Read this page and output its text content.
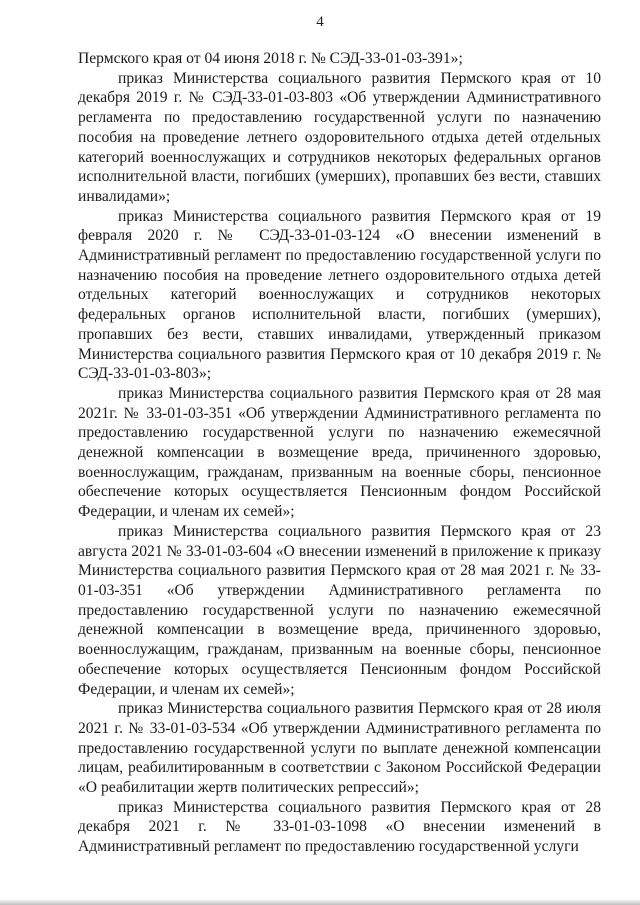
4

Пермского края от 04 июня 2018 г. № СЭД-33-01-03-391»;

приказ Министерства социального развития Пермского края от 10 декабря 2019 г. № СЭД-33-01-03-803 «Об утверждении Административного регламента по предоставлению государственной услуги по назначению пособия на проведение летнего оздоровительного отдыха детей отдельных категорий военнослужащих и сотрудников некоторых федеральных органов исполнительной власти, погибших (умерших), пропавших без вести, ставших инвалидами»;

приказ Министерства социального развития Пермского края от 19 февраля 2020 г. № СЭД-33-01-03-124 «О внесении изменений в Административный регламент по предоставлению государственной услуги по назначению пособия на проведение летнего оздоровительного отдыха детей отдельных категорий военнослужащих и сотрудников некоторых федеральных органов исполнительной власти, погибших (умерших), пропавших без вести, ставших инвалидами, утвержденный приказом Министерства социального развития Пермского края от 10 декабря 2019 г. № СЭД-33-01-03-803»;

приказ Министерства социального развития Пермского края от 28 мая 2021г. № 33-01-03-351 «Об утверждении Административного регламента по предоставлению государственной услуги по назначению ежемесячной денежной компенсации в возмещение вреда, причиненного здоровью, военнослужащим, гражданам, призванным на военные сборы, пенсионное обеспечение которых осуществляется Пенсионным фондом Российской Федерации, и членам их семей»;

приказ Министерства социального развития Пермского края от 23 августа 2021 № 33-01-03-604 «О внесении изменений в приложение к приказу Министерства социального развития Пермского края от 28 мая 2021 г. № 33-01-03-351 «Об утверждении Административного регламента по предоставлению государственной услуги по назначению ежемесячной денежной компенсации в возмещение вреда, причиненного здоровью, военнослужащим, гражданам, призванным на военные сборы, пенсионное обеспечение которых осуществляется Пенсионным фондом Российской Федерации, и членам их семей»;

приказ Министерства социального развития Пермского края от 28 июля 2021 г. № 33-01-03-534 «Об утверждении Административного регламента по предоставлению государственной услуги по выплате денежной компенсации лицам, реабилитированным в соответствии с Законом Российской Федерации «О реабилитации жертв политических репрессий»;

приказ Министерства социального развития Пермского края от 28 декабря 2021 г. № 33-01-03-1098 «О внесении изменений в Административный регламент по предоставлению государственной услуги
